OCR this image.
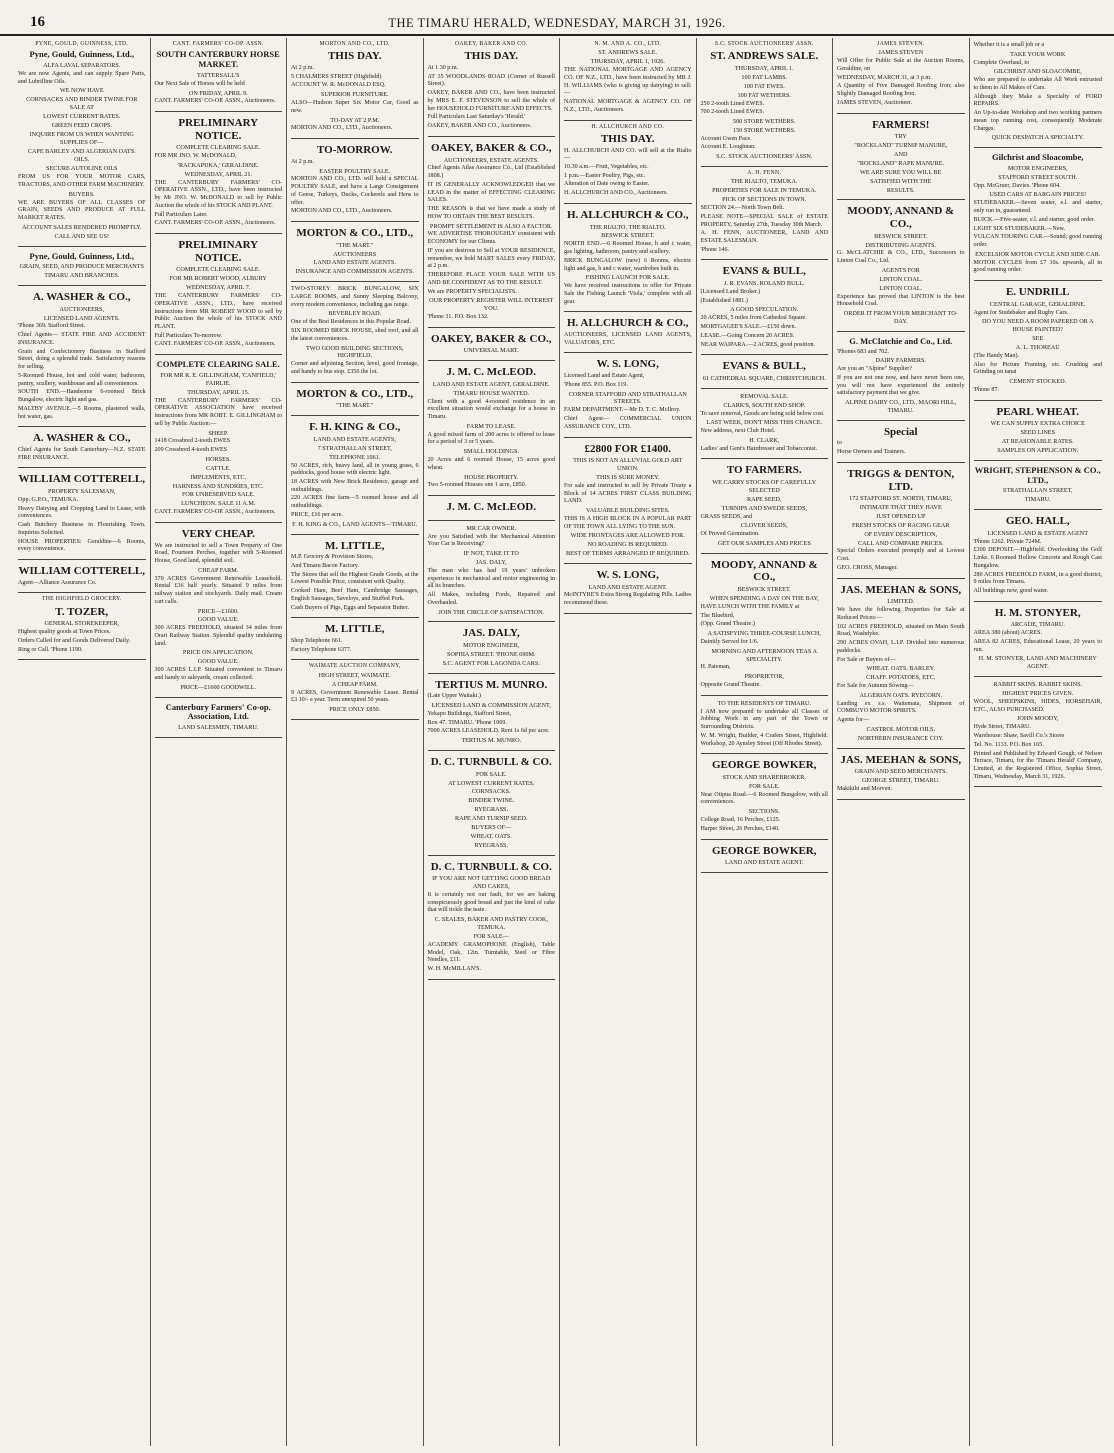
16	THE TIMARU HERALD, WEDNESDAY, MARCH 31, 1926.
PYNE, GOULD, GUINNESS, LTD.
Pyne, Gould, Guinness, Ltd.,
ALFA LAVAL SEPARATORS.
We are now Agents, and can supply Spare Parts, and Lubrilline Oils.
WE NOW HAVE
CORNSACKS AND BINDER TWINE FOR SALE AT
LOWEST CURRENT RATES.
GREEN FEED CROPS.
INQUIRE FROM US WHEN WANTING SUPPLIES OF—
CAPE BARLEY AND ALGERIAN OATS.
OILS.
SECURE AUTOLINE OILS
FROM US FOR YOUR MOTOR CARS, TRACTORS, AND OTHER FARM MACHINERY.
BUYERS.
WE ARE BUYERS OF ALL CLASSES OF GRAIN, SEEDS AND PRODUCE AT FULL MARKET RATES.
ACCOUNT SALES RENDERED PROMPTLY.
CALL AND SEE US!
Pyne, Gould, Guinness, Ltd.,
GRAIN, SEED, AND PRODUCE MERCHANTS
TIMARU AND BRANCHES.
A. WASHER & CO.,
AUCTIONEERS,
LICENSED LAND AGENTS.
'Phone 369. Stafford Street.
Chief Agents— STATE FIRE AND ACCIDENT INSURANCE.
Grain and Confectionery Business in Stafford Street, doing a splendid trade. Satisfactory reasons for selling.
5-Roomed House, hot and cold water, bathroom, pantry, scullery, washhouse and all conveniences.
SOUTH END.—Handsome 6-roomed Brick Bungalow, electric light and gas.
MALTBY AVENUE.—5 Rooms, plastered walls, hot water, gas.
A. WASHER & CO.,
Chief Agents for South Canterbury—N.Z. STATE FIRE INSURANCE.
WILLIAM COTTERELL,
PROPERTY SALESMAN,
Opp. G.P.O., TEMUKA.
Heavy Dairying and Cropping Land to Lease, with conveniences.
Cash Butchery Business in Flourishing Town. Inquiries Solicited.
HOUSE PROPERTIES: Geraldine—6 Rooms, every convenience.
WILLIAM COTTERELL,
Agent—Alliance Assurance Co.
THE HIGHFIELD GROCERY.
T. TOZER,
GENERAL STOREKEEPER,
Highest quality goods at Town Prices.
Orders Called for and Goods Delivered Daily.
Ring or Call. 'Phone 1190.
CANT. FARMERS' CO-OP. ASSN.
SOUTH CANTERBURY HORSE MARKET.
TATTERSALL'S
Our Next Sale of Horses will be held
ON FRIDAY, APRIL 9.
CANT. FARMERS' CO-OP. ASSN., Auctioneers.
PRELIMINARY NOTICE.
COMPLETE CLEARING SALE.
FOR MR JNO. W. McDONALD,
'RACKAPUKA,' GERALDINE.
WEDNESDAY, APRIL 21.
THE CANTERBURY FARMERS' CO-OPERATIVE ASSN., LTD., have been instructed by Mr JNO. W. McDONALD to sell by Public Auction the whole of his STOCK AND PLANT.
Full Particulars Later.
CANT. FARMERS' CO-OP. ASSN., Auctioneers.
PRELIMINARY NOTICE.
COMPLETE CLEARING SALE.
FOR MR ROBERT WOOD, ALBURY
WEDNESDAY, APRIL 7.
THE CANTERBURY FARMERS' CO-OPERATIVE ASSN., LTD., have received instructions from MR ROBERT WOOD to sell by Public Auction the whole of his STOCK AND PLANT.
Full Particulars To-morrow.
CANT. FARMERS' CO-OP. ASSN., Auctioneers.
COMPLETE CLEARING SALE.
FOR MR R. E. GILLINGHAM, 'CANFIELD,' FAIRLIE.
THURSDAY, APRIL 15.
THE CANTERBURY FARMERS' CO-OPERATIVE ASSOCIATION have received instructions from MR ROBT. E. GILLINGHAM to sell by Public Auction:—
SHEEP.
1418 Crossbred 2-tooth EWES
209 Crossbred 4-tooth EWES
HORSES.
CATTLE.
IMPLEMENTS, ETC.
HARNESS AND SUNDRIES, ETC.
FOR UNRESERVED SALE.
LUNCHEON. SALE 11 A.M.
CANT. FARMERS' CO-OP. ASSN., Auctioneers.
VERY CHEAP.
We are instructed to sell a Town Property of One Road, Fourteen Perches, together with 5-Roomed House, Good land, splendid soil.
CHEAP FARM.
370 ACRES Government Renewable Leasehold. Rental £36 half yearly. Situated 9 miles from railway station and stockyards. Daily mail. Cream cart calls.
PRICE—£1600.
GOOD VALUE.
300 ACRES FREEHOLD, situated 34 miles from Orari Railway Station. Splendid quality undulating land.
PRICE ON APPLICATION.
GOOD VALUE.
300 ACRES L.I.P. Situated convenient to Timaru and handy to saleyards, cream collected.
PRICE—£1600 GOODWILL.
Canterbury Farmers' Co-op. Association, Ltd.
LAND SALESMEN, TIMARU.
MORTON AND CO., LTD.
THIS DAY.
At 2 p.m.
5 CHALMERS STREET (Highfield)
ACCOUNT W. R. McDONALD ESQ.
SUPERIOR FURNITURE.
ALSO—Hudson Super Six Motor Car, Good as new.
TO-DAY AT 2 P.M.
MORTON AND CO., LTD., Auctioneers.
TO-MORROW.
At 2 p.m.
EASTER POULTRY SALE.
MORTON AND CO., LTD. will hold a SPECIAL POULTRY SALE, and have a Large Consignment of Geese, Turkeys, Ducks, Cockerels and Hens to offer.
MORTON AND CO., LTD., Auctioneers.
MORTON & CO., LTD.,
"THE MART."
AUCTIONEERS
LAND AND ESTATE AGENTS.
INSURANCE AND COMMISSION AGENTS.
TWO-STOREY BRICK BUNGALOW, SIX LARGE ROOMS, and Sunny Sleeping Balcony, every modern convenience, including gas range.
BEVERLEY ROAD.
One of the Best Residences in this Popular Road.
SIX ROOMED BRICK HOUSE, shed roof, and all the latest conveniences.
TWO GOOD BUILDING SECTIONS, HIGHFIELD.
Corner and adjoining Section, level, good frontage, and handy to bus stop. £350 the lot.
MORTON & CO., LTD.,
"THE MART."
F. H. KING & CO.,
LAND AND ESTATE AGENTS,
7 STRATHALLAN STREET,
TELEPHONE 1061.
50 ACRES, rich, heavy land, all in young grass, 6 paddocks, good house with electric light.
18 ACRES with New Brick Residence, garage and outbuildings.
220 ACRES fine farm—5 roomed house and all outbuildings.
PRICE, £16 per acre.
F. H. KING & CO., LAND AGENTS—TIMARU.
M. LITTLE,
M.P. Grocery & Provision Stores,
And Timaru Bacon Factory.
The Stores that sell the Highest Grade Goods, at the Lowest Possible Price, consistent with Quality.
Cooked Ham, Beef Ham, Cambridge Sausages, English Sausages, Saveloys, and Stuffed Pork.
Cash Buyers of Pigs, Eggs and Separator Butter.
M. LITTLE,
Shop Telephone 661.
Factory Telephone 6377.
WAIMATE AUCTION COMPANY,
HIGH STREET, WAIMATE.
A CHEAP FARM.
9 ACRES, Government Renewable Lease. Rental £3 10/- a year. Term unexpired 50 years.
PRICE ONLY £850.
OAKEY, BAKER AND CO.
THIS DAY.
At 1.30 p.m.
AT 35 WOODLANDS ROAD (Corner of Russell Street).
OAKEY, BAKER AND CO., have been instructed by MRS E. F. STEVENSON to sell the whole of her HOUSEHOLD FURNITURE AND EFFECTS.
Full Particulars Last Saturday's 'Herald.'
OAKEY, BAKER AND CO., Auctioneers.
OAKEY, BAKER & CO.,
AUCTIONEERS, ESTATE AGENTS.
Chief Agents Atlas Assurance Co., Ltd (Established 1808.)
IT IS GENERALLY ACKNOWLEDGED that we LEAD in the matter of EFFECTING CLEARING SALES.
THE REASON is that we have made a study of HOW TO OBTAIN THE BEST RESULTS.
PROMPT SETTLEMENT IS ALSO A FACTOR.
WE ADVERTISE THOROUGHLY consistent with ECONOMY for our Clients.
IF you are desirous to Sell at YOUR RESIDENCE, remember, we hold MART SALES every FRIDAY, at 2 p.m.
THEREFORE PLACE YOUR SALE WITH US AND BE CONFIDENT AS TO THE RESULT.
We are PROPERTY SPECIALISTS.
OUR PROPERTY REGISTER WILL INTEREST YOU.
'Phone 31. P.O. Box 132.
OAKEY, BAKER & CO.,
UNIVERSAL MART.
J. M. C. McLEOD.
LAND AND ESTATE AGENT, GERALDINE.
TIMARU HOUSE WANTED.
Client with a good 4-roomed residence in an excellent situation would exchange for a house in Timaru.
FARM TO LEASE.
A good mixed farm of 200 acres is offered to lease for a period of 3 or 5 years.
SMALL HOLDINGS.
20 Acres and 6 roomed House, 15 acres good wheat.
HOUSE PROPERTY.
Two 5-roomed Houses one 1 acre, £850.
J. M. C. McLEOD.
MR CAR OWNER.
Are you Satisfied with the Mechanical Attention Your Car is Receiving?
IF NOT, TAKE IT TO
JAS. DALY,
The man who has had 19 years' unbroken experience in mechanical and motor engineering in all its branches.
All Makes, including Fords, Repaired and Overhauled.
JOIN THE CIRCLE OF SATISFACTION.
JAS. DALY,
MOTOR ENGINEER,
SOPHIA STREET. 'PHONE 690M.
S.C. AGENT FOR LAGONDA CARS.
TERTIUS M. MUNRO.
(Late Upper Waitaki.)
LICENSED LAND & COMMISSION AGENT,
Yekapo Buildings, Stafford Street,
Box 47. TIMARU. 'Phone 1069.
7000 ACRES LEASEHOLD. Rent 1s 6d per acre.
TERTIUS M. MUNRO.
D. C. TURNBULL & CO.
FOR SALE.
AT LOWEST CURRENT RATES.
CORNSACKS.
BINDER TWINE.
RYEGRASS.
RAPE AND TURNIP SEED.
BUYERS OF—
WHEAT. OATS.
RYEGRASS.
D. C. TURNBULL & CO.
IF YOU ARE NOT GETTING GOOD BREAD AND CAKES,
It is certainly not our fault, for we are baking conspicuously good bread and just the kind of cake that will tickle the taste.
C. SEALES, BAKER AND PASTRY COOK, TEMUKA.
FOR SALE—
ACADEMY GRAMOPHONE (English), Table Model, Oak, 12in. Turntable, Steel or Fibre Needles, £11.
W. H. McMILLAN'S.
N. M. AND A. CO., LTD.
ST. ANDREWS SALE.
THURSDAY, APRIL 1, 1926.
THE NATIONAL MORTGAGE AND AGENCY CO. OF N.Z., LTD., have been instructed by MR J. H. WILLIAMS (who is giving up dairying) to sell:—
NATIONAL MORTGAGE & AGENCY CO. OF N.Z., LTD., Auctioneers.
H. ALLCHURCH AND CO.
THIS DAY.
H. ALLCHURCH AND CO. will sell at the Rialto—
10.30 a.m.—Fruit, Vegetables, etc.
1 p.m.—Easter Poultry, Pigs, etc.
Alteration of Date owing to Easter.
H. ALLCHURCH AND CO., Auctioneers.
H. ALLCHURCH & CO.,
THE RIALTO. THE RIALTO.
BESWICK STREET.
NORTH END.—6 Roomed House, h and c water, gas lighting, bathroom, pantry and scullery.
BRICK BUNGALOW (new) 6 Rooms, electric light and gas, h and c water, wardrobes built in.
FISHING LAUNCH FOR SALE.
We have received instructions to offer for Private Sale the Fishing Launch 'Viola,' complete with all gear.
H. ALLCHURCH & CO.,
AUCTIONEERS, LICENSED LAND AGENTS, VALUATORS, ETC.
W. S. LONG,
Licensed Land and Estate Agent,
'Phone 855. P.O. Box 119.
CORNER STAFFORD AND STRATHALLAN STREETS.
FARM DEPARTMENT.—Mr D. T. C. McIlroy.
Chief Agent— COMMERCIAL UNION ASSURANCE COY., LTD.
£2800 FOR £1400.
THIS IS NOT AN ALLUVIAL GOLD ART UNION.
THIS IS SURE MONEY.
For sale and instructed to sell by Private Treaty a Block of 14 ACRES FIRST CLASS BUILDING LAND.
VALUABLE BUILDING SITES.
THIS IS A HIGH BLOCK IN A POPULAR PART OF THE TOWN ALL LYING TO THE SUN.
WIDE FRONTAGES ARE ALLOWED FOR.
NO ROADING IS REQUIRED.
BEST OF TERMS ARRANGED IF REQUIRED.
W. S. LONG,
LAND AND ESTATE AGENT.
McINTYRE'S Extra Strong Regulating Pills. Ladies recommend these.
S.C. STOCK AUCTIONEERS' ASSN.
ST. ANDREWS SALE.
THURSDAY, APRIL 1.
100 FAT LAMBS.
100 FAT EWES.
100 FAT WETHERS.
250 2-tooth Lined EWES.
700 2-tooth Lined EWES.
500 STORE WETHERS.
150 STORE WETHERS.
Account Gwen Pace.
Account E. Loughnan.
S.C. STOCK AUCTIONEERS' ASSN.
A. H. FENN.
THE RIALTO, TEMUKA.
PROPERTIES FOR SALE IN TEMUKA.
PICK OF SECTIONS IN TOWN.
SECTION 24.—North Town Belt.
PLEASE NOTE—SPECIAL SALE of ESTATE PROPERTY, Saturday 27th, Tuesday 30th March.
A. H. FENN, AUCTIONEER, LAND AND ESTATE SALESMAN.
'Phone 146.
EVANS & BULL,
J. R. EVANS. ROLAND BULL.
(Licensed Land Broker.)
(Established 1881.)
A GOOD SPECULATION.
20 ACRES, 5 miles from Cathedral Square.
MORTGAGEE'S SALE.—£150 down.
LEASE.—Going Concern 20 ACRES.
NEAR WAIPARA.—2 ACRES, good position.
EVANS & BULL,
61 CATHEDRAL SQUARE, CHRISTCHURCH.
REMOVAL SALE.
CLARK'S, SOUTH END SHOP.
To save removal, Goods are being sold below cost.
LAST WEEK, DON'T MISS THIS CHANCE.
New address, next Club Hotel.
H. CLARK,
Ladies' and Gent's Hairdresser and Tobacconist.
TO FARMERS.
WE CARRY STOCKS OF CAREFULLY SELECTED
RAPE SEED,
TURNIPS AND SWEDE SEEDS,
GRASS SEEDS, and
CLOVER SEEDS,
Of Proved Germination.
GET OUR SAMPLES AND PRICES
MOODY, ANNAND & CO.,
BESWICK STREET.
WHEN SPENDING A DAY ON THE BAY,
HAVE LUNCH WITH THE FAMILY at
The Bluebird,
(Opp. Grand Theatre.)
A SATISFYING THREE-COURSE LUNCH,
Daintily Served for 1/6.
MORNING AND AFTERNOON TEAS A SPECIALITY.
H. Pateman,
PROPRIETOR,
Opposite Grand Theatre.
TO THE RESIDENTS OF TIMARU.
I AM now prepared to undertake all Classes of Jobbing Work in any part of the Town or Surrounding Districts.
W. M. Wright, Builder, 4 Crafers Street, Highfield. Workshop, 20 Aynsley Street (Off Rhodes Street).
GEORGE BOWKER,
STOCK AND SHAREBROKER.
FOR SALE.
Near Otipua Road.—6 Roomed Bungalow, with all conveniences.
SECTIONS.
College Road, 16 Perches, £125.
Harper Street, 26 Perches, £140.
GEORGE BOWKER,
LAND AND ESTATE AGENT.
JAMES STEVEN.
JAMES STEVEN
Will Offer for Public Sale at the Auction Rooms, Geraldine, on
WEDNESDAY, MARCH 31, at 3 p.m.
A Quantity of Five Damaged Roofing Iron; also Slightly Damaged Roofing Iron.
JAMES STEVEN, Auctioneer.
FARMERS!
TRY
"ROCKLAND" TURNIP MANURE,
AND
"ROCKLAND" RAPE MANURE.
WE ARE SURE YOU WILL BE
SATISFIED WITH THE
RESULTS.
MOODY, ANNAND & CO.,
BESWICK STREET.
DISTRIBUTING AGENTS.
G. McCLATCHIE & CO., LTD., Successors to Linton Coal Co., Ltd.
AGENTS FOR
LINTON COAL.
LINTON COAL.
Experience has proved that LINTON is the best Household Coal.
ORDER IT FROM YOUR MERCHANT TO-DAY.
G. McClatchie and Co., Ltd.
'Phones 683 and 702.
DAIRY FARMERS.
Are you an "Alpine" Supplier?
If you are not one now, and have never been one, you will not have experienced the entirely satisfactory payment that we give.
ALPINE DAIRY CO., LTD., MAORI HILL, TIMARU.
Special
to
Horse Owners and Trainers.
TRIGGS & DENTON, LTD.
172 STAFFORD ST. NORTH, TIMARU,
INTIMATE THAT THEY HAVE
JUST OPENED UP
FRESH STOCKS OF RACING GEAR
OF EVERY DESCRIPTION,
CALL AND COMPARE PRICES.
Special Orders executed promptly and at Lowest Cost.
GEO. CROSS, Manager.
JAS. MEEHAN & SONS,
LIMITED.
We have the following Properties for Sale at Reduced Prices:—
102 ACRES FREEHOLD, situated on Main South Road, Washdyke.
290 ACRES OVAH, L.I.P. Divided into numerous paddocks.
For Sale or Buyers of—
WHEAT. OATS. BARLEY.
CHAFF. POTATOES, ETC.
For Sale for Autumn Sowing—
ALGERIAN OATS. RYECORN.
Landing ex s.s. Waitemata, Shipment of COMBUYO MOTOR SPIRITS.
Agents for—
CASTROL MOTOR OILS.
NORTHERN INSURANCE COY.
JAS. MEEHAN & SONS,
GRAIN AND SEED MERCHANTS.
GEORGE STREET, TIMARU.
Makikihi and Morven.
Whether it is a small job or a
TAKE YOUR WORK
Complete Overhaul, to
GILCHRIST AND SLOACOMBE,
Who are prepared to undertake All Work entrusted to them to All Makes of Cars.
Although they Make a Specialty of FORD REPAIRS.
An Up-to-date Workshop and two working partners mean top running cost, consequently Moderate Charges.
QUICK DESPATCH A SPECIALTY.
Gilchrist and Sloacombe,
MOTOR ENGINEERS,
STAFFORD STREET SOUTH.
Opp. McGruer, Davies. 'Phone 604.
USED CARS AT BARGAIN PRICES!
STUDEBAKER.—Seven seater, e.l. and starter, only run in, guaranteed.
BUICK.—Five-seater, e.l. and starter, good order.
LIGHT SIX STUDEBAKER.—New.
VULCAN TOURING CAR.—Sound, good running order.
EXCELSIOR MOTOR CYCLE AND SIDE CAR.
MOTOR CYCLES from £7 10s. upwards, all in good running order.
E. UNDRILL
CENTRAL GARAGE, GERALDINE.
Agent for Studebaker and Rugby Cars.
DO YOU NEED A ROOM PAPERED OR A HOUSE PAINTED?
SEE
A. L. THOREAU
(The Handy Man).
Also for Picture Framing, etc. Crushing and Grinding on tanai
CEMENT STOCKED.
'Phone 87.
PEARL WHEAT.
WE CAN SUPPLY EXTRA CHOICE
SEED LINES
AT REASONABLE RATES.
SAMPLES ON APPLICATION.
WRIGHT, STEPHENSON & CO., LTD.,
STRATHALLAN STREET,
TIMARU.
GEO. HALL,
LICENSED LAND & ESTATE AGENT
'Phone 1262. Private 724M.
£300 DEPOSIT.—Highfield. Overlooking the Golf Links. 6 Roomed Hollow Concrete and Rough Cast Bungalow.
280 ACRES FREEHOLD FARM, in a good district, 9 miles from Timaru.
All buildings new, good water.
H. M. STONYER,
ARCADE, TIMARU.
AREA 380 (about) ACRES.
AREA 82 ACRES, Educational Lease, 20 years to run.
H. M. STONYER, LAND AND MACHINERY AGENT.
RABBIT SKINS. RABBIT SKINS.
HIGHEST PRICES GIVEN.
WOOL, SHEEPSKINS, HIDES, HORSEHAIR, ETC., ALSO PURCHASED.
JOHN MOODY,
Hyde Street, TIMARU.
Warehouse: Shaw, Savill Co.'s Stores
Tel. No. 1133. P.O. Box 165.
Printed and Published by Edward Gough, of Nelson Terrace, Timaru, for the 'Timaru Herald' Company, Limited, at the Registered Office, Sophia Street, Timaru, Wednesday, March 31, 1926.
